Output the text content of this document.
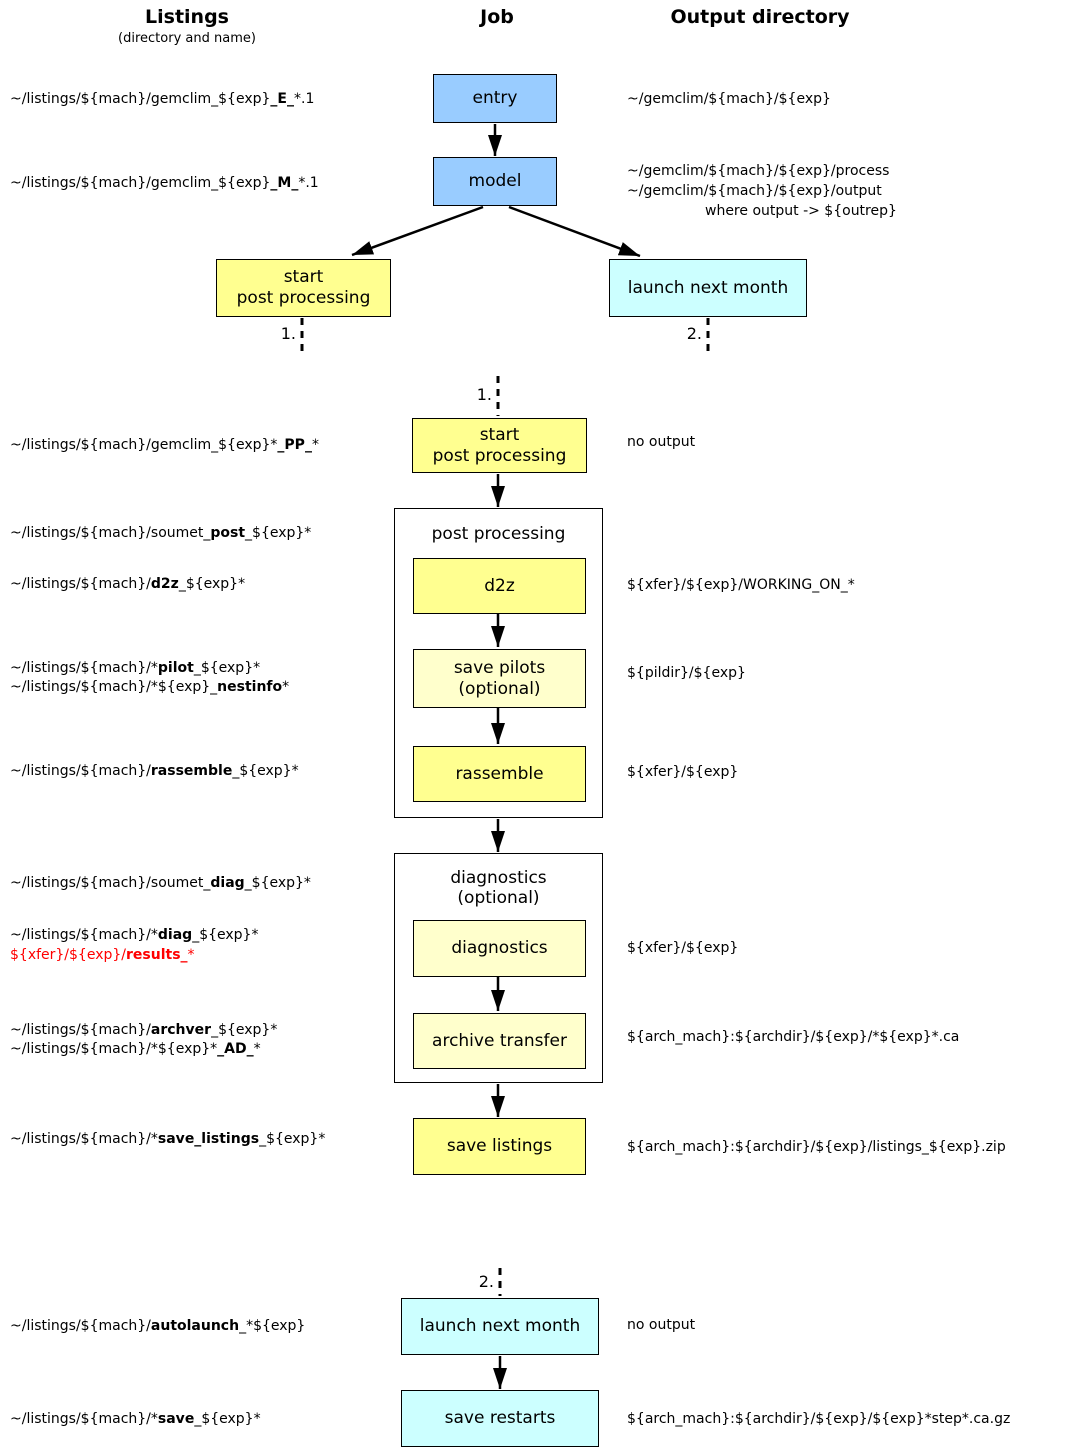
Listings
(directory and name)
Job	Output directory
post processing
d2z
save pilots
(optional)
rassemble
diagnostics
(optional)
diagnostics
archive transfer
entry
model
start
post processing
launch next month
start
post processing
save listings
launch next month
save restarts
1.	2.
1.
2.
~/listings/${mach}/gemclim_${exp}_E_*.1
~/listings/${mach}/gemclim_${exp}_M_*.1
~/listings/${mach}/gemclim_${exp}*_PP_*
~/listings/${mach}/soumet_post_${exp}*
~/listings/${mach}/d2z_${exp}*
~/listings/${mach}/*pilot_${exp}*
~/listings/${mach}/*${exp}_nestinfo*
~/listings/${mach}/rassemble_${exp}*
~/listings/${mach}/soumet_diag_${exp}*
~/listings/${mach}/*diag_${exp}*
${xfer}/${exp}/results_*
~/listings/${mach}/archver_${exp}*
~/listings/${mach}/*${exp}*_AD_*
~/listings/${mach}/*save_listings_${exp}*
~/listings/${mach}/autolaunch_*${exp}
~/listings/${mach}/*save_${exp}*
~/gemclim/${mach}/${exp}
~/gemclim/${mach}/${exp}/process
~/gemclim/${mach}/${exp}/output
where output -> ${outrep}
no output
${xfer}/${exp}/WORKING_ON_*
${pildir}/${exp}
${xfer}/${exp}
${xfer}/${exp}
${arch_mach}:${archdir}/${exp}/*${exp}*.ca
${arch_mach}:${archdir}/${exp}/listings_${exp}.zip
no output
${arch_mach}:${archdir}/${exp}/${exp}*step*.ca.gz
